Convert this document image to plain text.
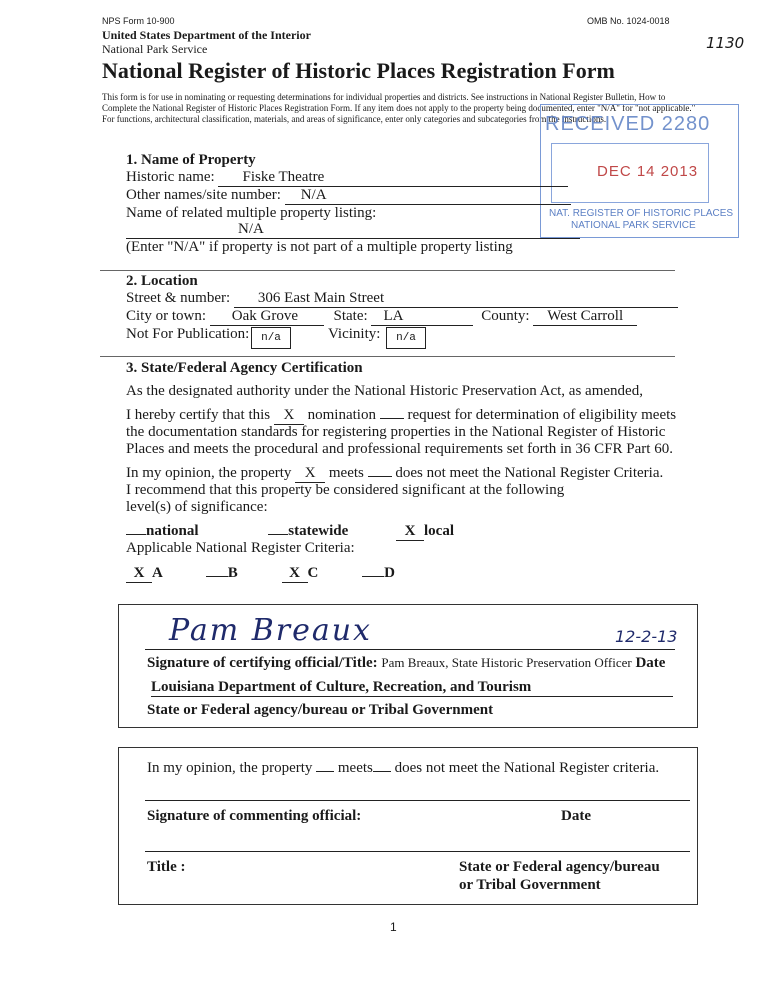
NPS Form 10-900	OMB No. 1024-0018
United States Department of the Interior
National Park Service	1130
National Register of Historic Places Registration Form
This form is for use in nominating or requesting determinations for individual properties and districts. See instructions in National Register Bulletin, How to Complete the National Register of Historic Places Registration Form. If any item does not apply to the property being documented, enter "N/A" for "not applicable." For functions, architectural classification, materials, and areas of significance, enter only categories and subcategories from the instructions.
RECEIVED 2280
DEC 14 2013
NAT. REGISTER OF HISTORIC PLACES
NATIONAL PARK SERVICE
1. Name of Property
Historic name: Fiske Theatre
Other names/site number: N/A
Name of related multiple property listing:
N/A
(Enter "N/A" if property is not part of a multiple property listing
2. Location
Street & number: 306 East Main Street
City or town: Oak Grove State: LA	County: West Carroll
Not For Publication:	n/a	Vicinity:	n/a
3. State/Federal Agency Certification
As the designated authority under the National Historic Preservation Act, as amended,
I hereby certify that this X nomination request for determination of eligibility meets
the documentation standards for registering properties in the National Register of Historic
Places and meets the procedural and professional requirements set forth in 36 CFR Part 60.
In my opinion, the property X meets does not meet the National Register Criteria.
I recommend that this property be considered significant at the following
level(s) of significance:
national	statewide	X local
Applicable National Register Criteria:
X A	B	X C	D
Pam Breaux	12-2-13
Signature of certifying official/Title: Pam Breaux, State Historic Preservation Officer Date
Louisiana Department of Culture, Recreation, and Tourism
State or Federal agency/bureau or Tribal Government
In my opinion, the property meets does not meet the National Register criteria.
Signature of commenting official:	Date
Title :	State or Federal agency/bureau
or Tribal Government
1
